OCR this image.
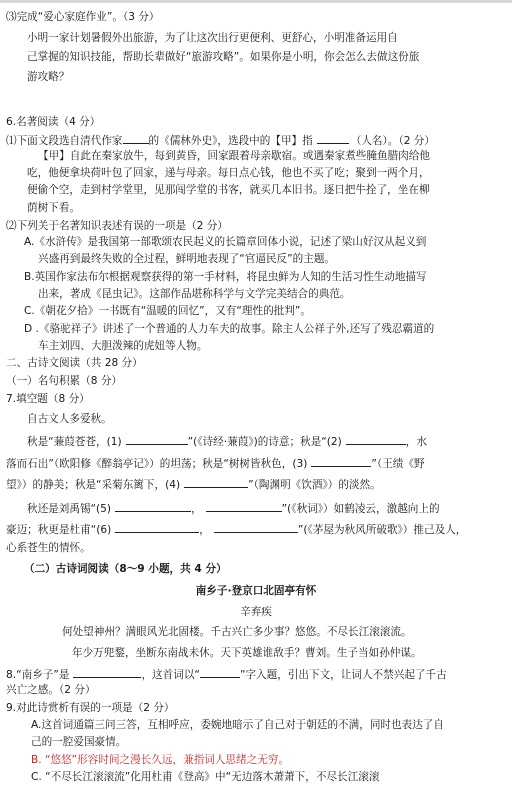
⑶完成“爱心家庭作业”。（3 分）
小明一家计划暑假外出旅游，为了让这次出行更便利、更舒心，小明准备运用自
己掌握的知识技能，帮助长辈做好“旅游攻略”。如果你是小明，你会怎么去做这份旅
游攻略？
6.名著阅读（4 分）
⑴下面文段选自清代作家 的《儒林外史》，选段中的【甲】指	（人名）。（2 分）
【甲】自此在秦家放牛，每到黄昏，回家跟着母亲歇宿。或遇秦家煮些腌鱼腊肉给他
吃，他便拿块荷叶包了回家，递与母亲。每日点心钱，他也不买了吃；聚到一两个月，
便偷个空，走到村学堂里，见那闯学堂的书客，就买几本旧书。逐日把牛拴了，坐在柳
荫树下看。
⑵下列关于名著知识表述有误的一项是（2 分）
A.《水浒传》是我国第一部歌颂农民起义的长篇章回体小说，记述了梁山好汉从起义到
兴盛再到最终失败的全过程，鲜明地表现了“官逼民反”的主题。
B.英国作家法布尔根据观察获得的第一手材料，将昆虫鲜为人知的生活习性生动地描写
出来，著成《昆虫记》。这部作品堪称科学与文学完美结合的典范。
C.《朝花夕拾》一书既有“温暖的回忆”，又有“理性的批判”。
D .《骆驼祥子》讲述了一个普通的人力车夫的故事。除主人公祥子外,还写了残忍霸道的
车主刘四、大胆泼辣的虎妞等人物。
二、古诗文阅读（共 28 分）
（一）名句积累（8 分）
7.填空题（8 分）
自古文人多爱秋。
秋是“蒹葭苍苍，(1)	”(《诗经·蒹葭》)的诗意；秋是“(2)	，水
落而石出”（欧阳修《醉翁亭记》）的坦荡；秋是“树树皆秋色，(3)	”（王绩《野
望》）的静美；秋是“采菊东篱下，(4)	”（陶渊明《饮酒》）的淡然。
秋还是刘禹锡“(5)	，	”(《秋词》）如鹤凌云，激越向上的
豪迈；秋更是杜甫“(6)	，	”(《茅屋为秋风所破歌》）推己及人，
心系苍生的情怀。
（二）古诗词阅读（8～9 小题，共 4 分）
南乡子·登京口北固亭有怀
辛弃疾
何处望神州？满眼风光北固楼。千古兴亡多少事？悠悠。不尽长江滚滚流。
年少万兜鍪，坐断东南战未休。天下英雄谁敌手？曹刘。生子当如孙仲谋。
8.“南乡子”是	，这首词以“	”字入题，引出下文，让词人不禁兴起了千古
兴亡之感。（2 分）
9.对此诗赏析有误的一项是（2 分）
A.这首词通篇三问三答，互相呼应，委婉地暗示了自己对于朝廷的不满，同时也表达了自
己的一腔爱国豪情。
B. “悠悠”形容时间之漫长久远，兼指词人思绪之无穷。
C. “不尽长江滚滚流”化用杜甫《登高》中“无边落木萧萧下，不尽长江滚滚
